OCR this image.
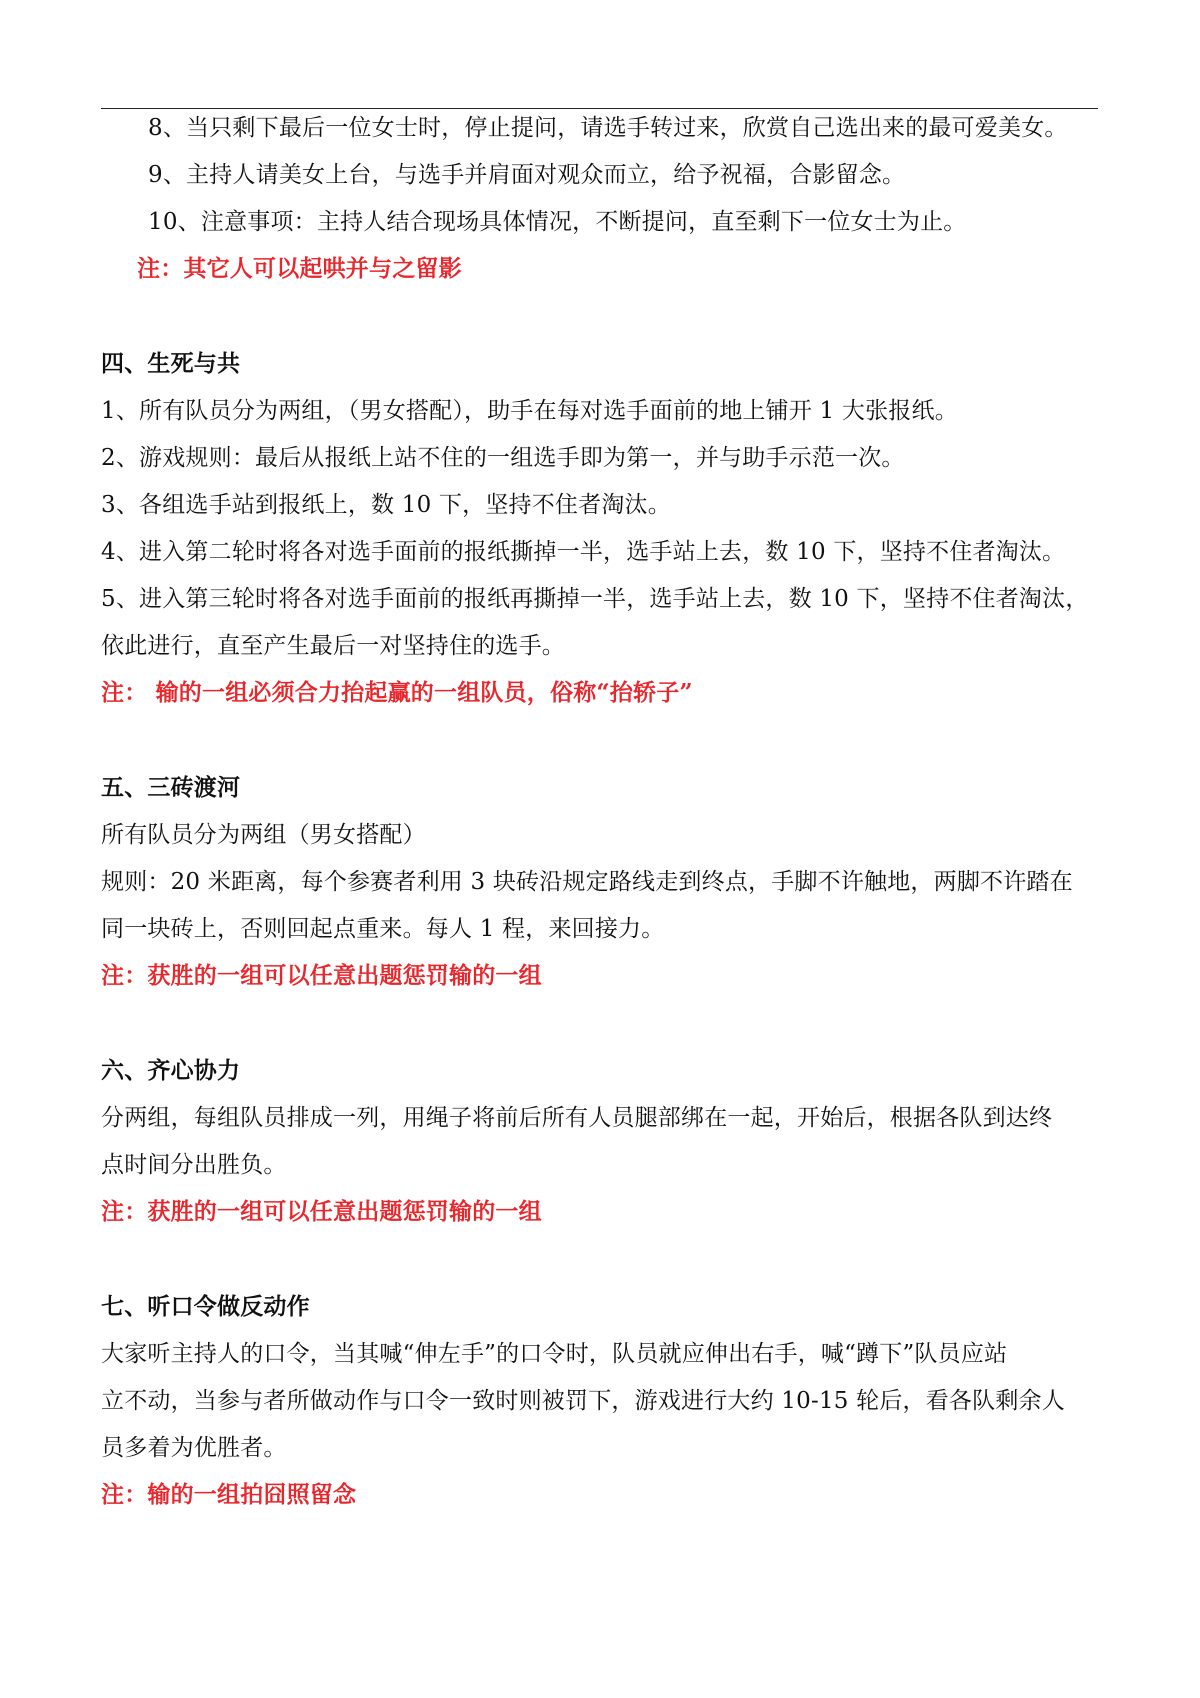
8、当只剩下最后一位女士时，停止提问，请选手转过来，欣赏自己选出来的最可爱美女。
9、主持人请美女上台，与选手并肩面对观众而立，给予祝福，合影留念。
10、注意事项：主持人结合现场具体情况，不断提问，直至剩下一位女士为止。
注：其它人可以起哄并与之留影
四、生死与共
1、所有队员分为两组，（男女搭配），助手在每对选手面前的地上铺开 1 大张报纸。
2、游戏规则：最后从报纸上站不住的一组选手即为第一，并与助手示范一次。
3、各组选手站到报纸上，数 10 下，坚持不住者淘汰。
4、进入第二轮时将各对选手面前的报纸撕掉一半，选手站上去，数 10 下，坚持不住者淘汰。
5、进入第三轮时将各对选手面前的报纸再撕掉一半，选手站上去，数 10 下，坚持不住者淘汰，
依此进行，直至产生最后一对坚持住的选手。
注： 输的一组必须合力抬起赢的一组队员，俗称“抬轿子”
五、三砖渡河
所有队员分为两组（男女搭配）
规则：20 米距离，每个参赛者利用 3 块砖沿规定路线走到终点，手脚不许触地，两脚不许踏在
同一块砖上，否则回起点重来。每人 1 程，来回接力。
注：获胜的一组可以任意出题惩罚输的一组
六、齐心协力
分两组，每组队员排成一列，用绳子将前后所有人员腿部绑在一起，开始后，根据各队到达终
点时间分出胜负。
注：获胜的一组可以任意出题惩罚输的一组
七、听口令做反动作
大家听主持人的口令，当其喊“伸左手”的口令时，队员就应伸出右手，喊“蹲下”队员应站
立不动，当参与者所做动作与口令一致时则被罚下，游戏进行大约 10-15 轮后，看各队剩余人
员多着为优胜者。
注：输的一组拍囧照留念
